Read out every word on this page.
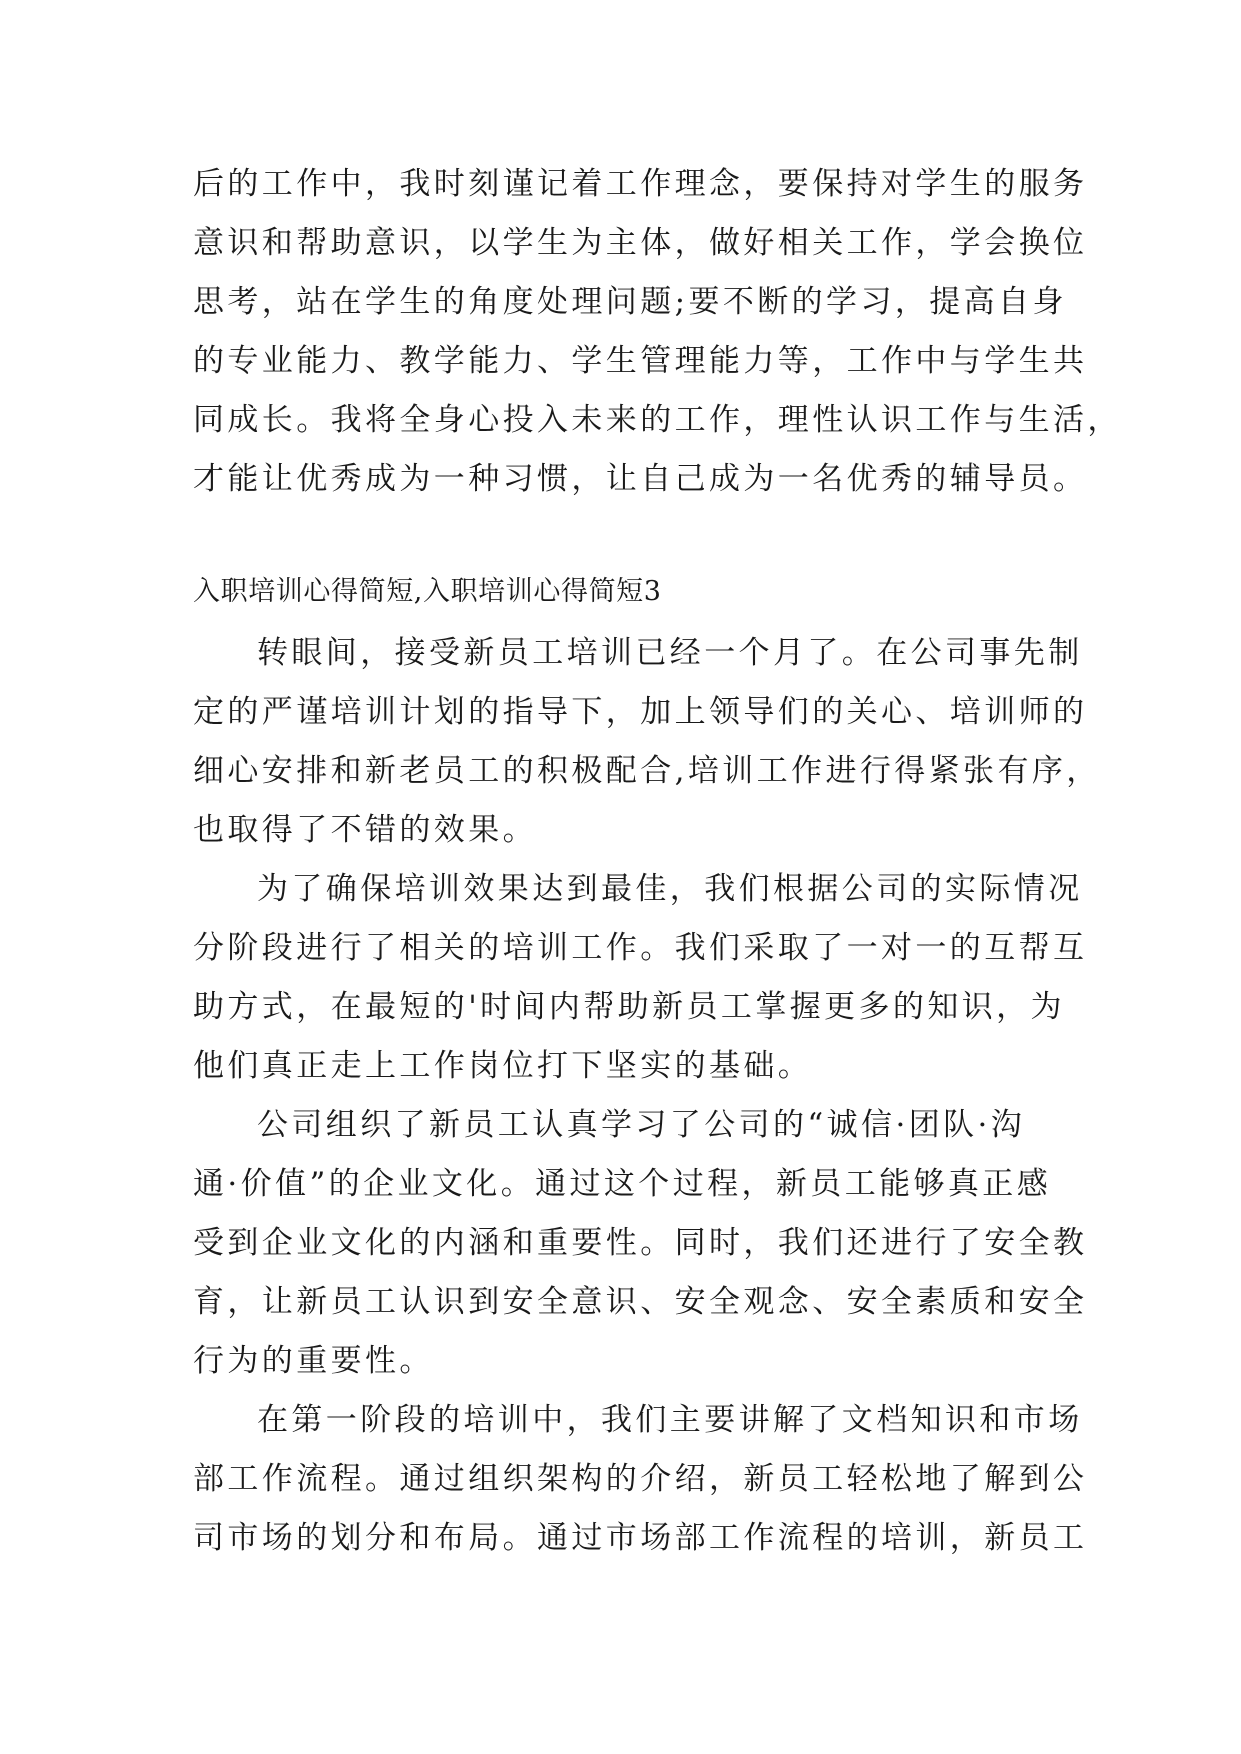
后的工作中，我时刻谨记着工作理念，要保持对学生的服务
意识和帮助意识，以学生为主体，做好相关工作，学会换位
思考，站在学生的角度处理问题;要不断的学习，提高自身
的专业能力、教学能力、学生管理能力等，工作中与学生共
同成长。我将全身心投入未来的工作，理性认识工作与生活，
才能让优秀成为一种习惯，让自己成为一名优秀的辅导员。
入职培训心得简短,入职培训心得简短3
转眼间，接受新员工培训已经一个月了。在公司事先制
定的严谨培训计划的指导下，加上领导们的关心、培训师的
细心安排和新老员工的积极配合,培训工作进行得紧张有序，
也取得了不错的效果。
为了确保培训效果达到最佳，我们根据公司的实际情况
分阶段进行了相关的培训工作。我们采取了一对一的互帮互
助方式，在最短的'时间内帮助新员工掌握更多的知识，为
他们真正走上工作岗位打下坚实的基础。
公司组织了新员工认真学习了公司的“诚信·团队·沟
通·价值”的企业文化。通过这个过程，新员工能够真正感
受到企业文化的内涵和重要性。同时，我们还进行了安全教
育，让新员工认识到安全意识、安全观念、安全素质和安全
行为的重要性。
在第一阶段的培训中，我们主要讲解了文档知识和市场
部工作流程。通过组织架构的介绍，新员工轻松地了解到公
司市场的划分和布局。通过市场部工作流程的培训，新员工
